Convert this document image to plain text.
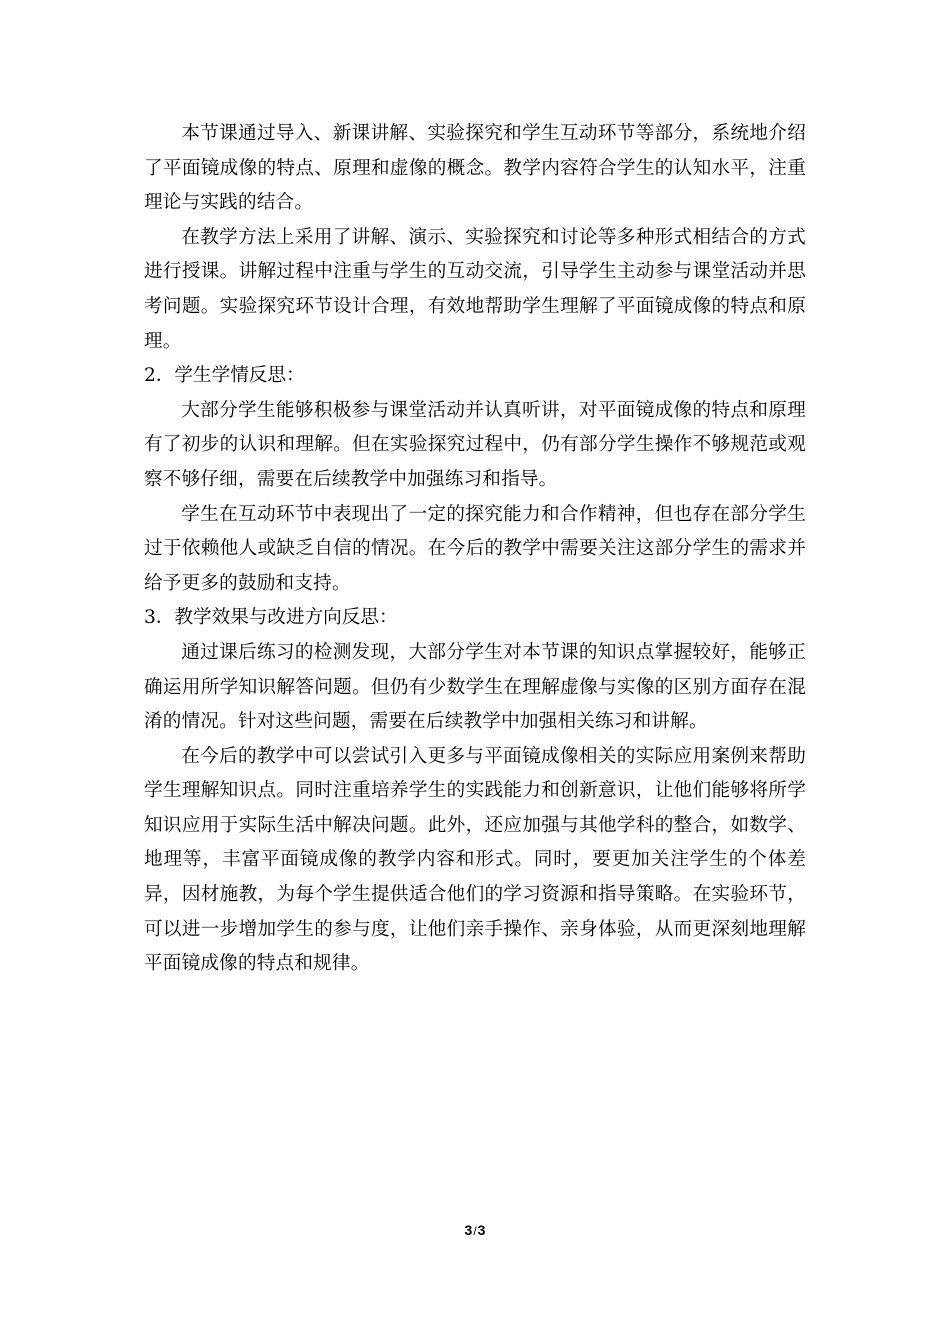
本节课通过导入、新课讲解、实验探究和学生互动环节等部分，系统地介绍了平面镜成像的特点、原理和虚像的概念。教学内容符合学生的认知水平，注重理论与实践的结合。

在教学方法上采用了讲解、演示、实验探究和讨论等多种形式相结合的方式进行授课。讲解过程中注重与学生的互动交流，引导学生主动参与课堂活动并思考问题。实验探究环节设计合理，有效地帮助学生理解了平面镜成像的特点和原理。

2．学生学情反思：

大部分学生能够积极参与课堂活动并认真听讲，对平面镜成像的特点和原理有了初步的认识和理解。但在实验探究过程中，仍有部分学生操作不够规范或观察不够仔细，需要在后续教学中加强练习和指导。

学生在互动环节中表现出了一定的探究能力和合作精神，但也存在部分学生过于依赖他人或缺乏自信的情况。在今后的教学中需要关注这部分学生的需求并给予更多的鼓励和支持。

3．教学效果与改进方向反思：

通过课后练习的检测发现，大部分学生对本节课的知识点掌握较好，能够正确运用所学知识解答问题。但仍有少数学生在理解虚像与实像的区别方面存在混淆的情况。针对这些问题，需要在后续教学中加强相关练习和讲解。

在今后的教学中可以尝试引入更多与平面镜成像相关的实际应用案例来帮助学生理解知识点。同时注重培养学生的实践能力和创新意识，让他们能够将所学知识应用于实际生活中解决问题。此外，还应加强与其他学科的整合，如数学、地理等，丰富平面镜成像的教学内容和形式。同时，要更加关注学生的个体差异，因材施教，为每个学生提供适合他们的学习资源和指导策略。在实验环节，可以进一步增加学生的参与度，让他们亲手操作、亲身体验，从而更深刻地理解平面镜成像的特点和规律。

3/3
